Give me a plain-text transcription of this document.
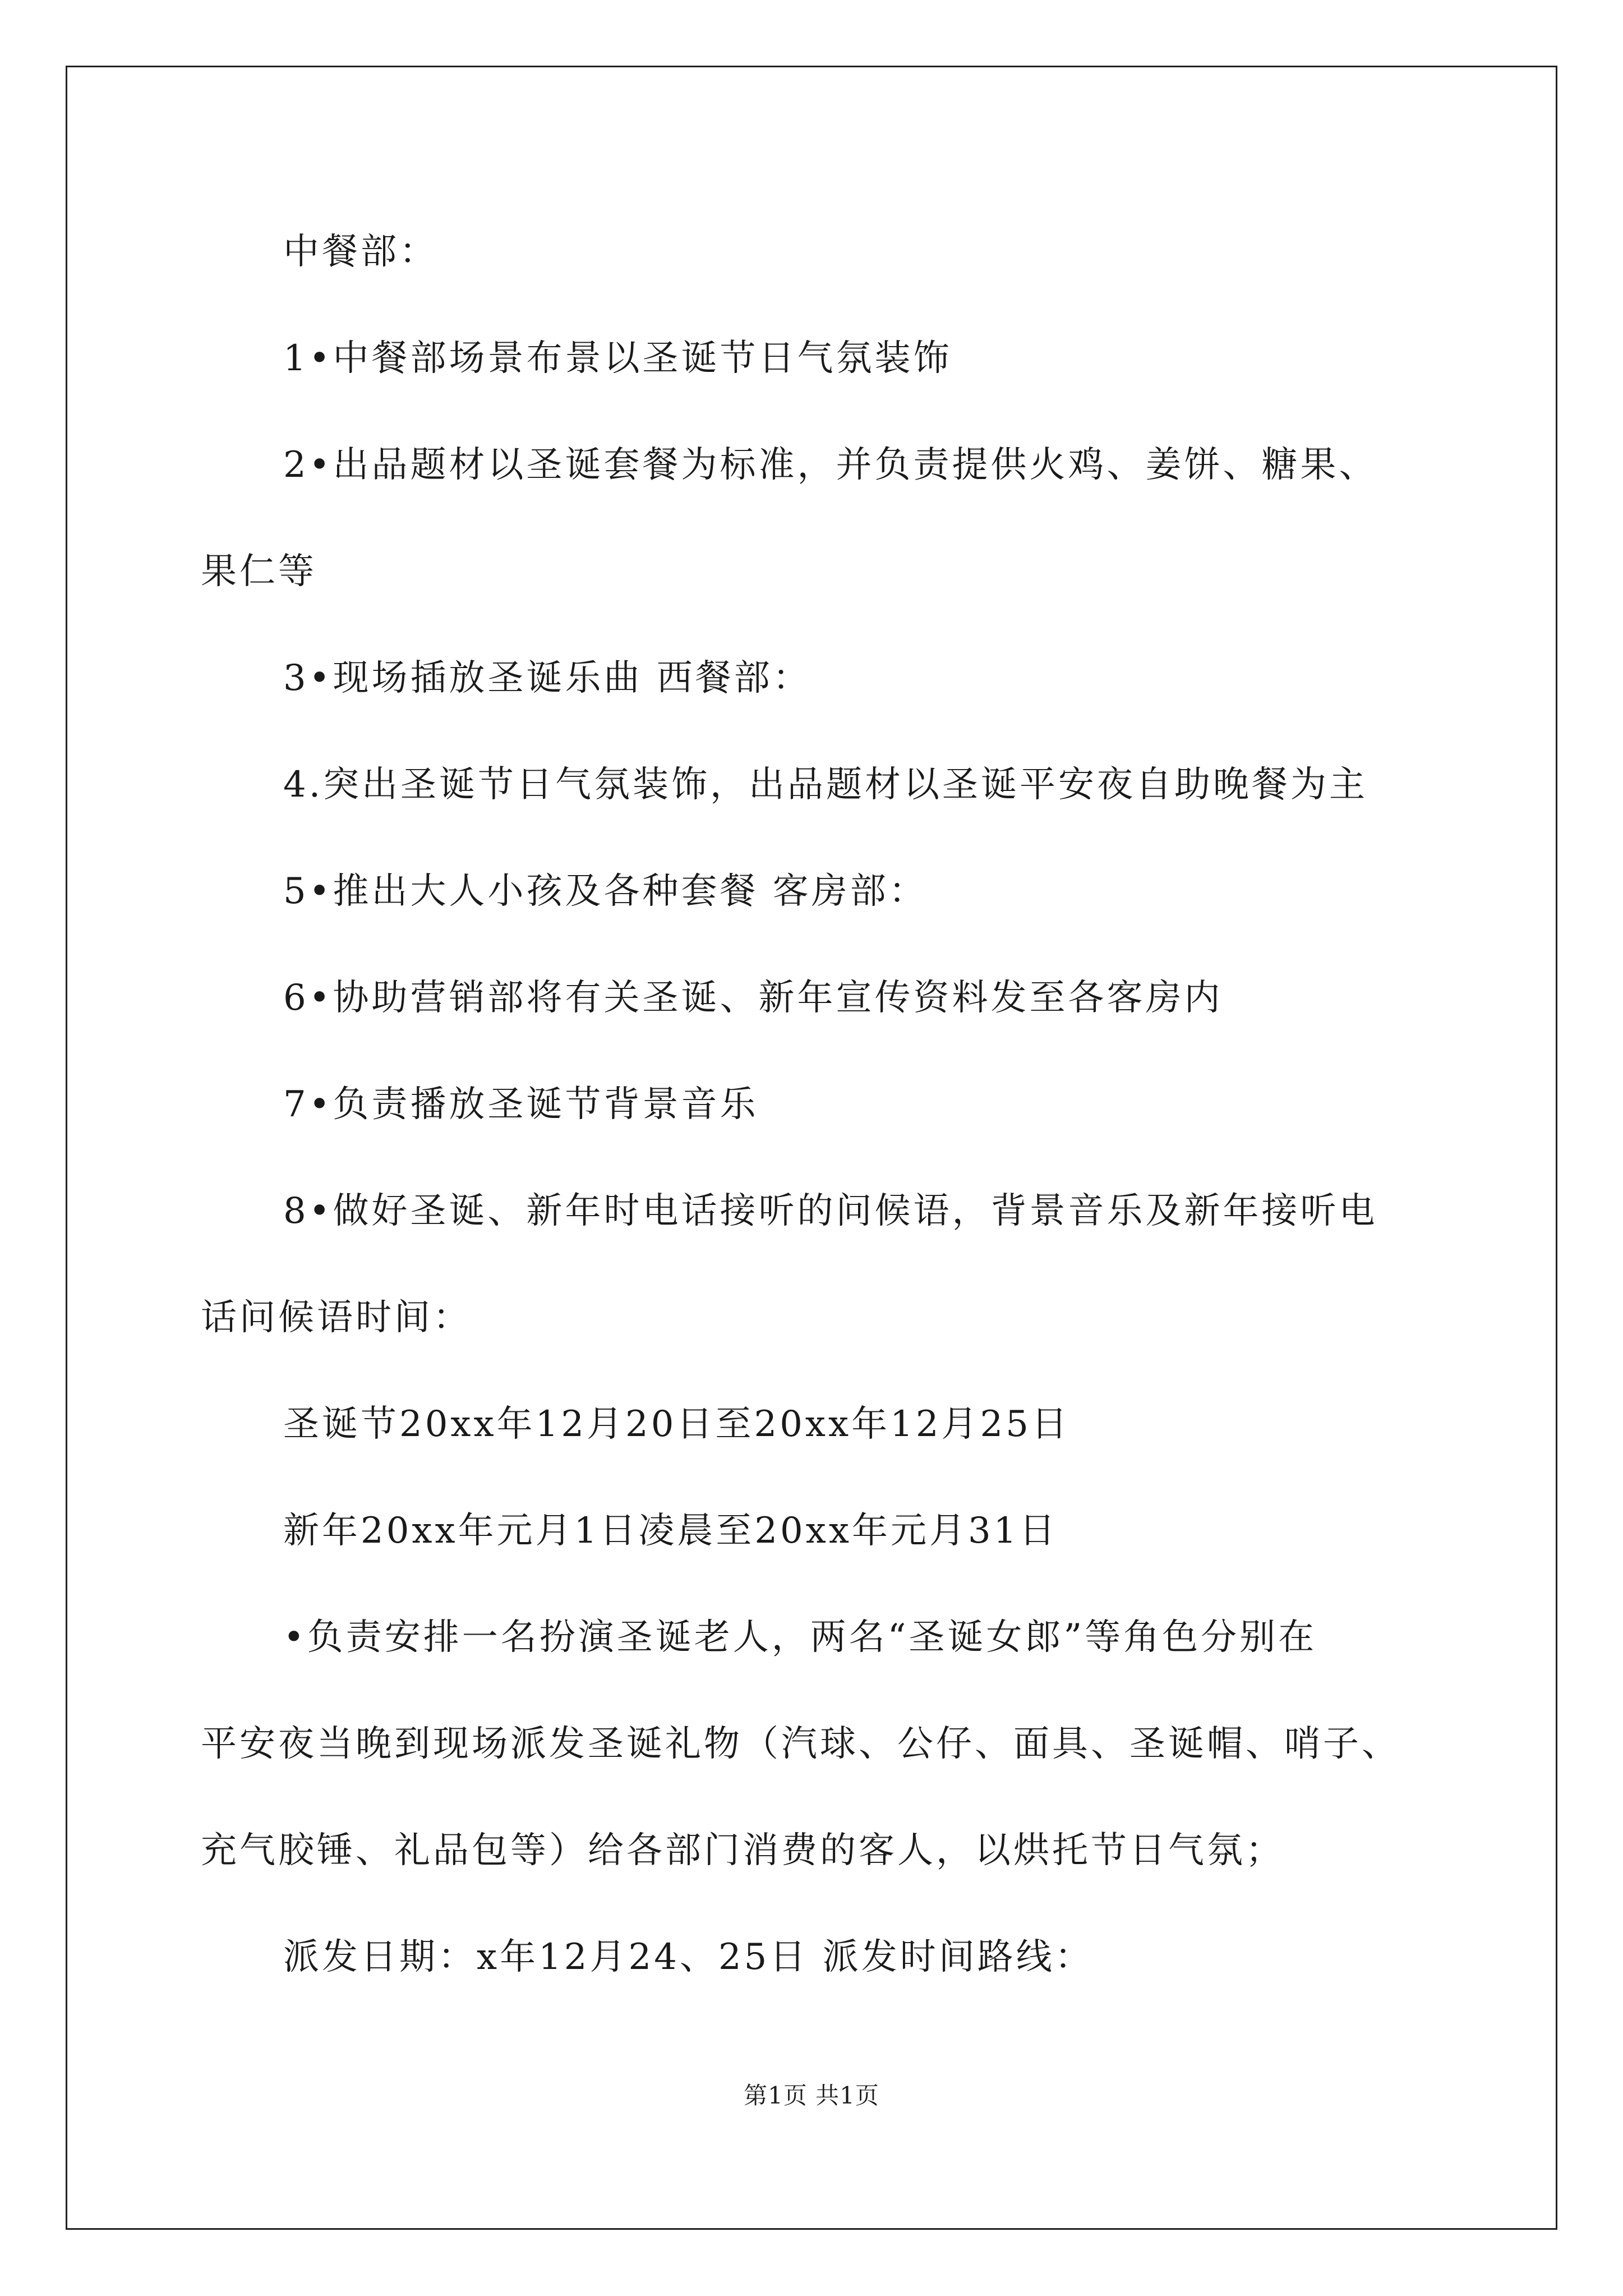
中餐部：
1•中餐部场景布景以圣诞节日气氛装饰
2•出品题材以圣诞套餐为标准，并负责提供火鸡、姜饼、糖果、
果仁等
3•现场插放圣诞乐曲 西餐部：
4.突出圣诞节日气氛装饰，出品题材以圣诞平安夜自助晚餐为主
5•推出大人小孩及各种套餐 客房部：
6•协助营销部将有关圣诞、新年宣传资料发至各客房内
7•负责播放圣诞节背景音乐
8•做好圣诞、新年时电话接听的问候语，背景音乐及新年接听电
话问候语时间：
圣诞节20xx年12月20日至20xx年12月25日
新年20xx年元月1日凌晨至20xx年元月31日
•负责安排一名扮演圣诞老人，两名“圣诞女郎”等角色分别在
平安夜当晚到现场派发圣诞礼物（汽球、公仔、面具、圣诞帽、哨子、
充气胶锤、礼品包等）给各部门消费的客人，以烘托节日气氛；
派发日期：x年12月24、25日 派发时间路线：
第1页 共1页
